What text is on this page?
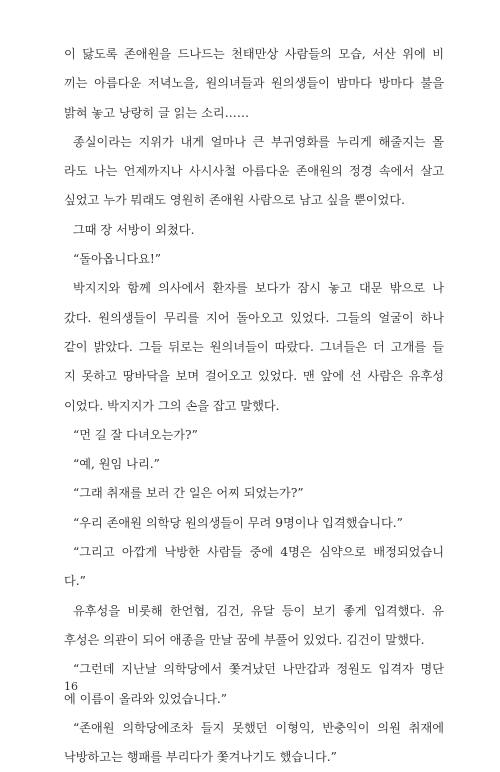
이 닳도록 존애원을 드나드는 천태만상 사람들의 모습, 서산 위에 비
끼는 아름다운 저녁노을, 원의녀들과 원의생들이 밤마다 방마다 불을
밝혀 놓고 낭랑히 글 읽는 소리……
종실이라는 지위가 내게 얼마나 큰 부귀영화를 누리게 해줄지는 몰
라도 나는 언제까지나 사시사철 아름다운 존애원의 정경 속에서 살고
싶었고 누가 뭐래도 영원히 존애원 사람으로 남고 싶을 뿐이었다.
그때 장 서방이 외쳤다.
“돌아옵니다요!”
박지지와 함께 의사에서 환자를 보다가 잠시 놓고 대문 밖으로 나
갔다. 원의생들이 무리를 지어 돌아오고 있었다. 그들의 얼굴이 하나
같이 밝았다. 그들 뒤로는 원의녀들이 따랐다. 그녀들은 더 고개를 들
지 못하고 땅바닥을 보며 걸어오고 있었다. 맨 앞에 선 사람은 유후성
이었다. 박지지가 그의 손을 잡고 말했다.
“먼 길 잘 다녀오는가?”
“예, 원임 나리.”
“그래 취재를 보러 간 일은 어찌 되었는가?”
“우리 존애원 의학당 원의생들이 무려 9명이나 입격했습니다.”
“그리고 아깝게 낙방한 사람들 중에 4명은 심약으로 배정되었습니
다.”
유후성을 비롯해 한언협, 김건, 유달 등이 보기 좋게 입격했다. 유
후성은 의관이 되어 애종을 만날 꿈에 부풀어 있었다. 김건이 말했다.
“그런데 지난날 의학당에서 쫓겨났던 나만갑과 정원도 입격자 명단
에 이름이 올라와 있었습니다.”
“존애원 의학당에조차 들지 못했던 이형익, 반충익이 의원 취재에
낙방하고는 행패를 부리다가 쫓겨나기도 했습니다.”
16
